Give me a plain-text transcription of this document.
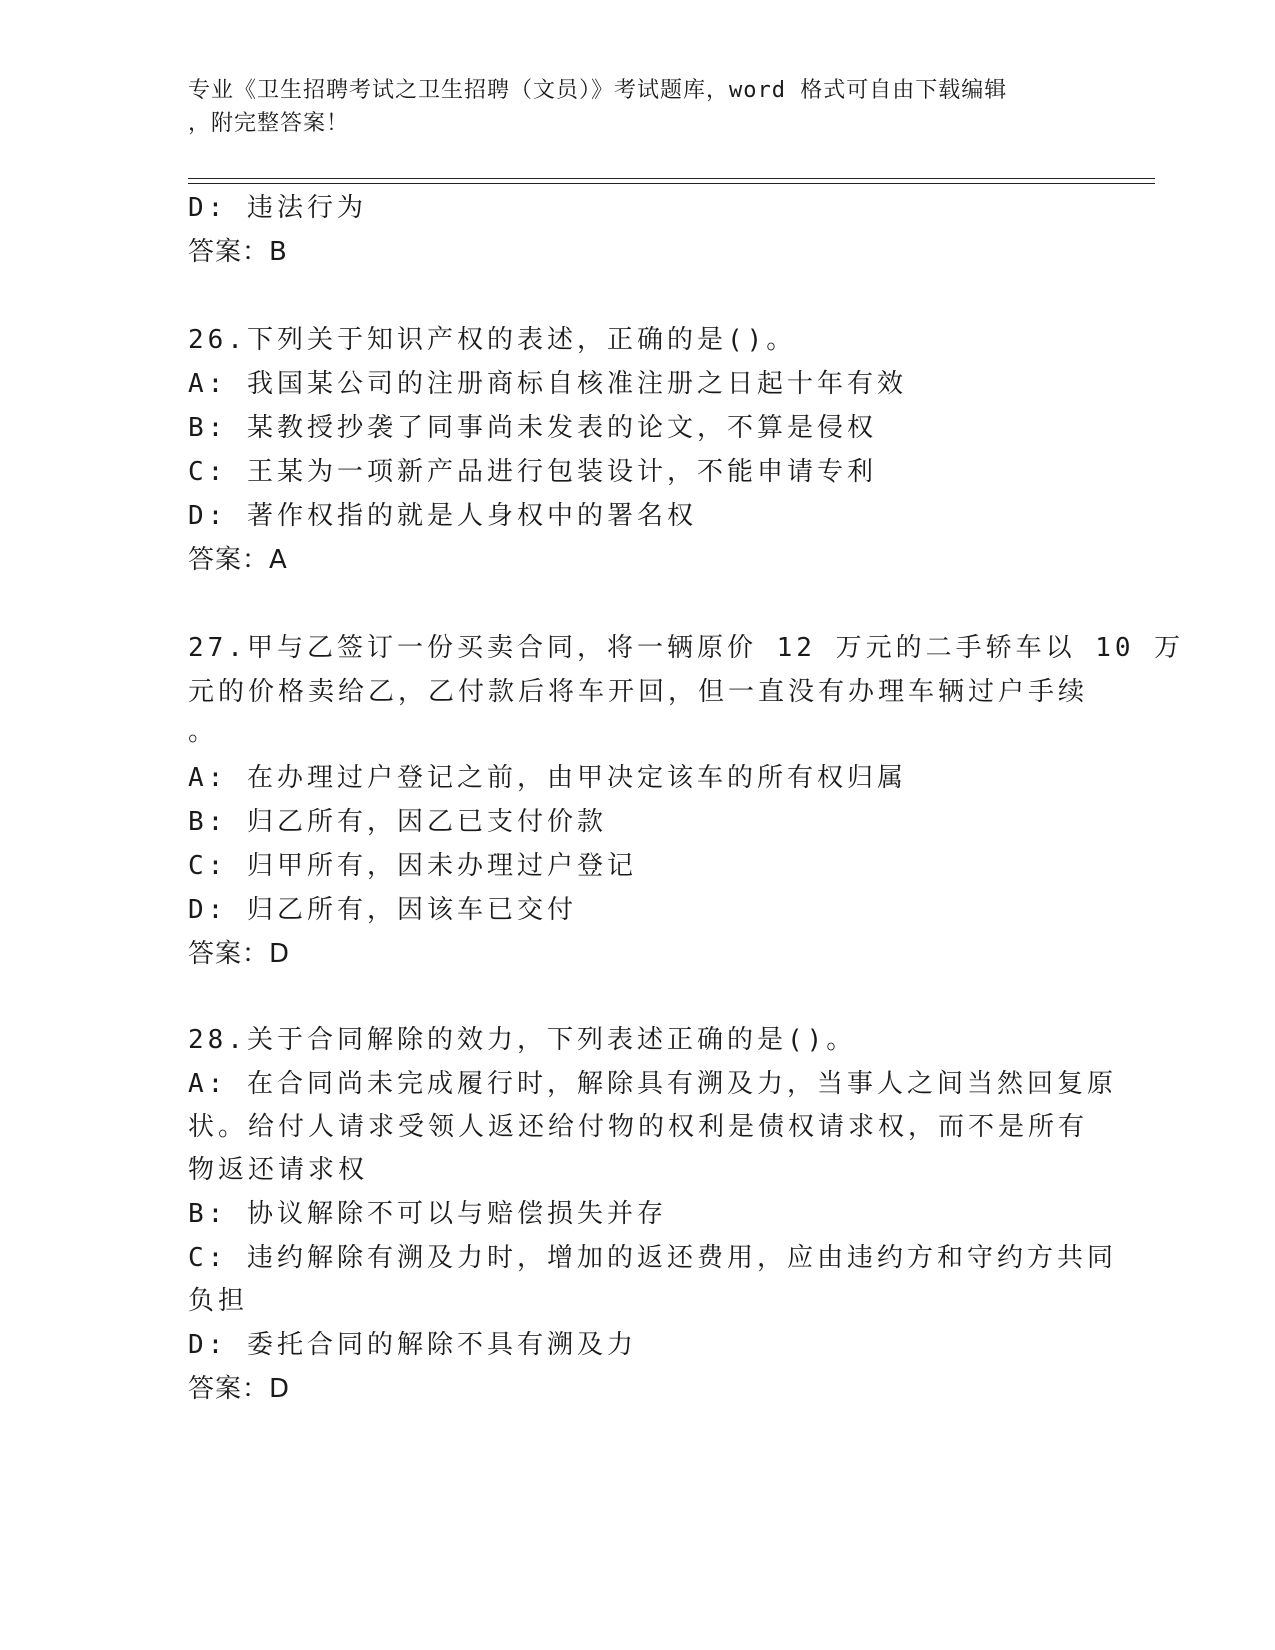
专业《卫生招聘考试之卫生招聘（文员）》考试题库，word 格式可自由下载编辑
，附完整答案！
D: 违法行为
答案：B
26.下列关于知识产权的表述，正确的是()。
A: 我国某公司的注册商标自核准注册之日起十年有效
B: 某教授抄袭了同事尚未发表的论文，不算是侵权
C: 王某为一项新产品进行包装设计，不能申请专利
D: 著作权指的就是人身权中的署名权
答案：A
27.甲与乙签订一份买卖合同，将一辆原价 12 万元的二手轿车以 10 万
元的价格卖给乙，乙付款后将车开回，但一直没有办理车辆过户手续
。
A: 在办理过户登记之前，由甲决定该车的所有权归属
B: 归乙所有，因乙已支付价款
C: 归甲所有，因未办理过户登记
D: 归乙所有，因该车已交付
答案：D
28.关于合同解除的效力，下列表述正确的是()。
A: 在合同尚未完成履行时，解除具有溯及力，当事人之间当然回复原
状。给付人请求受领人返还给付物的权利是债权请求权，而不是所有
物返还请求权
B: 协议解除不可以与赔偿损失并存
C: 违约解除有溯及力时，增加的返还费用，应由违约方和守约方共同
负担
D: 委托合同的解除不具有溯及力
答案：D
